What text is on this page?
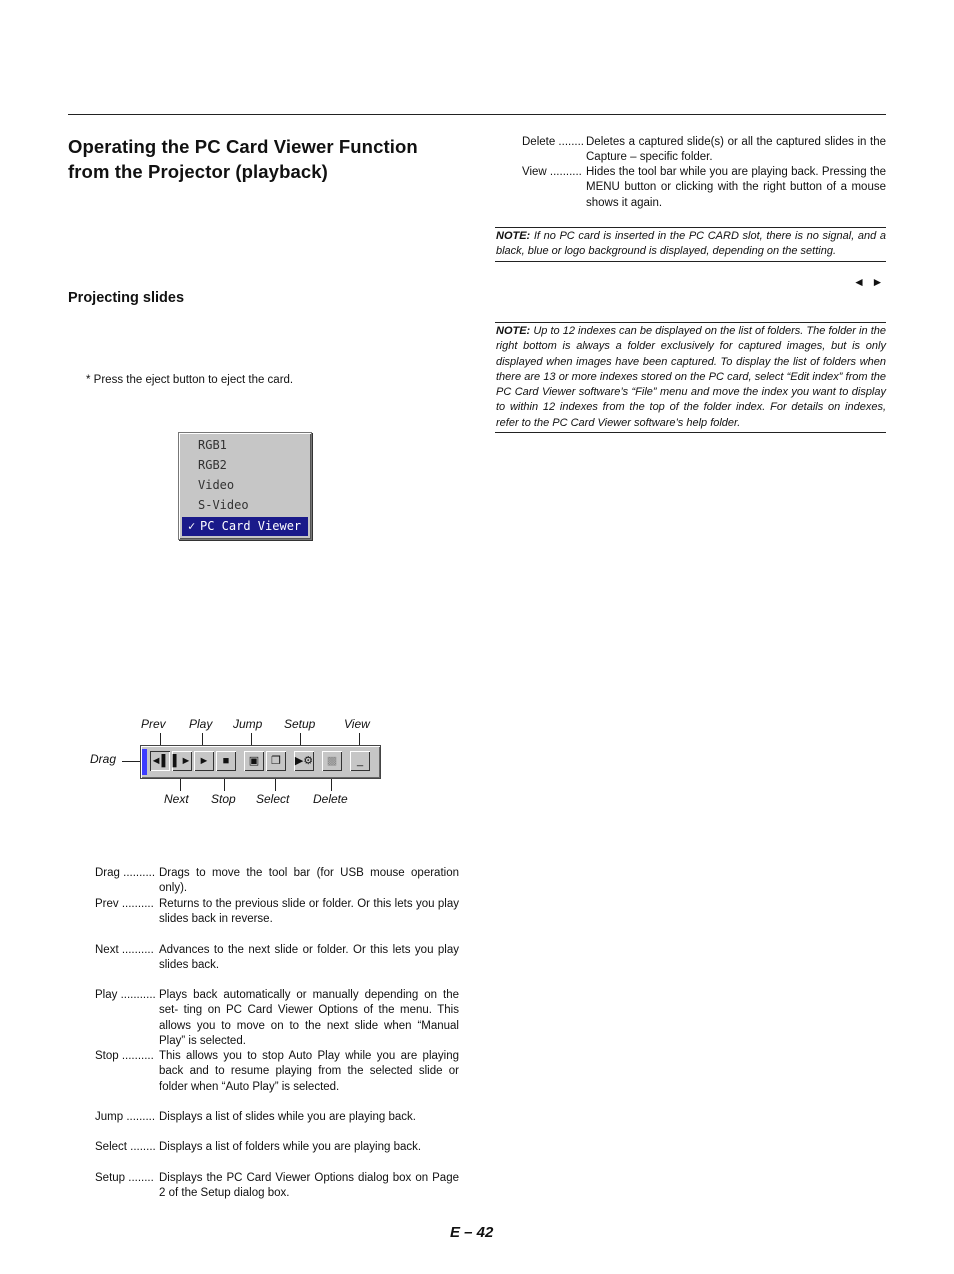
Operating the PC Card Viewer Function
from the Projector (playback)
Projecting slides
* Press the eject button to eject the card.
RGB1
RGB2
Video
S-Video
✓ PC Card Viewer
Prev Play Jump Setup View
Next Stop Select Delete
Drag	◄▌ ▌► ►	■	▣	❐	▶⚙	▩	_
Drag .......... Drags to move the tool bar (for USB mouse operation only).
Prev .......... Returns to the previous slide or folder. Or this lets you play slides back in reverse.
Next .......... Advances to the next slide or folder. Or this lets you play slides back.
Play ........... Plays back automatically or manually depending on the set- ting on PC Card Viewer Options of the menu. This allows you to move on to the next slide when “Manual Play” is selected.
Stop .......... This allows you to stop Auto Play while you are playing back and to resume playing from the selected slide or folder when “Auto Play” is selected.
Jump ......... Displays a list of slides while you are playing back.
Select ........ Displays a list of folders while you are playing back.
Setup ........ Displays the PC Card Viewer Options dialog box on Page 2 of the Setup dialog box.
Delete ........ Deletes a captured slide(s) or all the captured slides in the Capture – specific folder.
View .......... Hides the tool bar while you are playing back. Pressing the MENU button or clicking with the right button of a mouse shows it again.
NOTE: If no PC card is inserted in the PC CARD slot, there is no signal, and a black, blue or logo background is displayed, depending on the setting.
◄  ►
NOTE: Up to 12 indexes can be displayed on the list of folders. The folder in the right bottom is always a folder exclusively for captured images, but is only displayed when images have been captured. To display the list of folders when there are 13 or more indexes stored on the PC card, select “Edit index” from the PC Card Viewer software’s “File” menu and move the index you want to display to within 12 indexes from the top of the folder index. For details on indexes, refer to the PC Card Viewer software’s help folder.
E – 42
